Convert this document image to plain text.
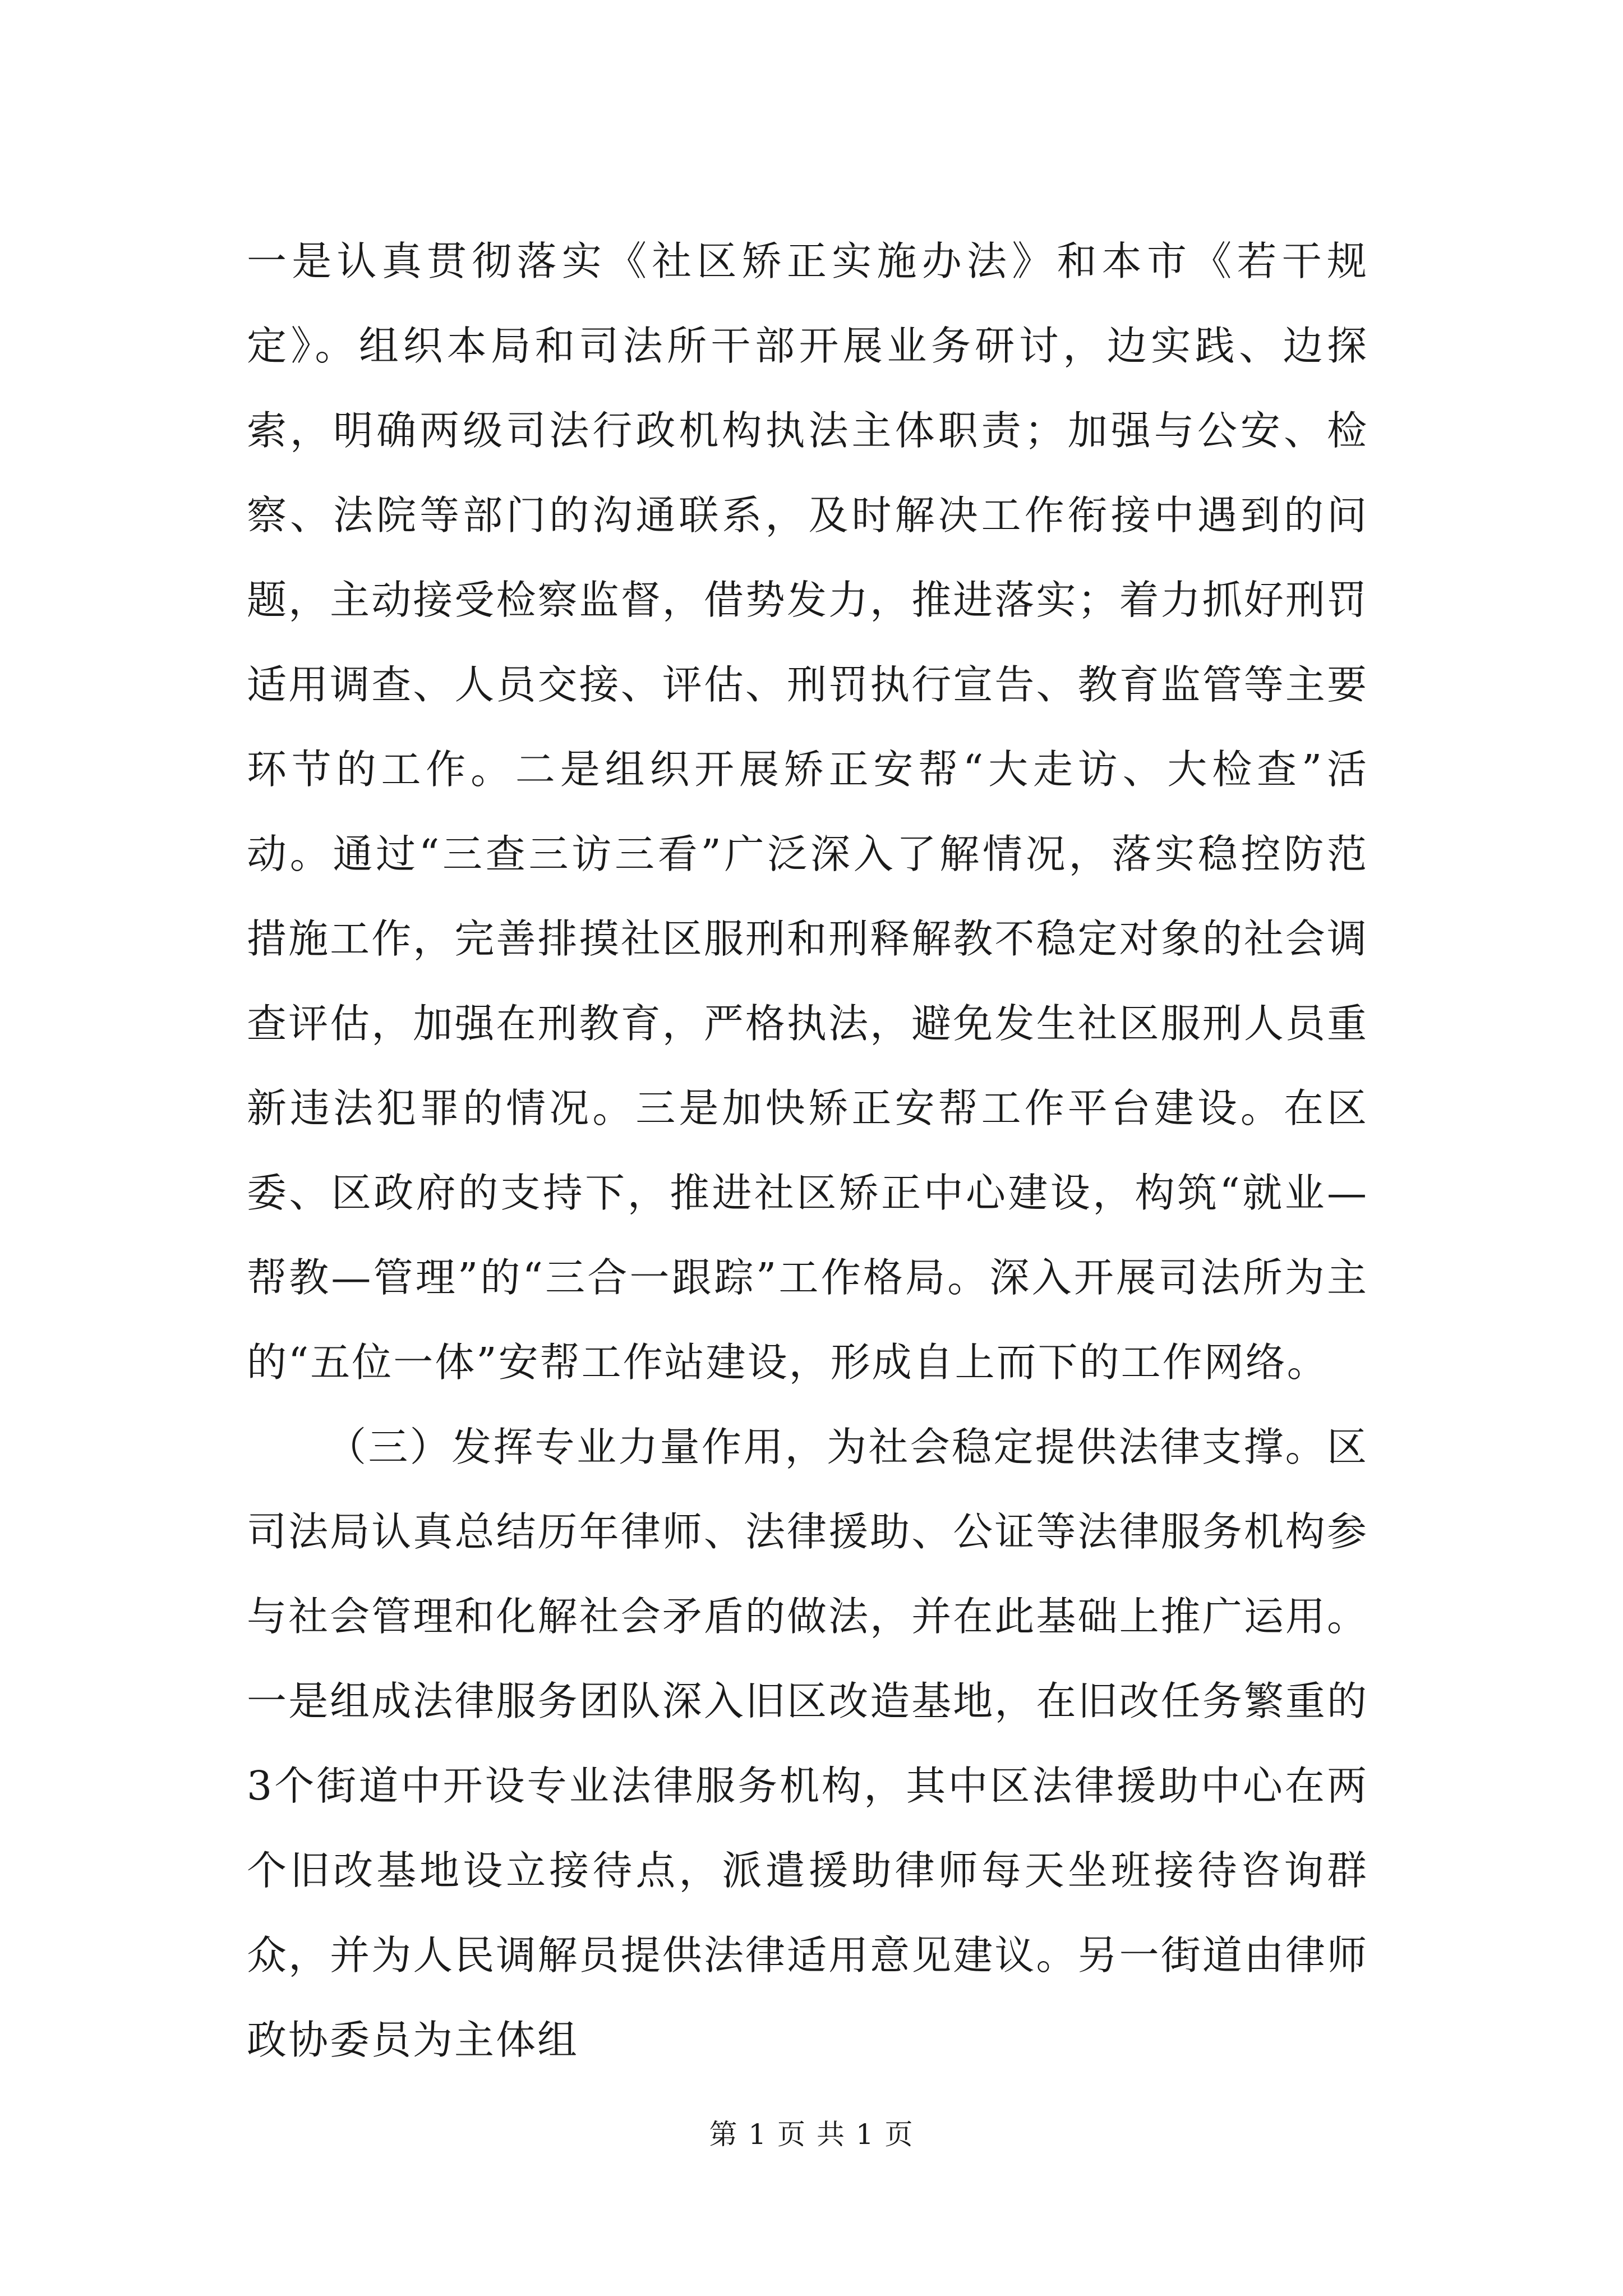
一是认真贯彻落实《社区矫正实施办法》和本市《若干规定》。组织本局和司法所干部开展业务研讨，边实践、边探索，明确两级司法行政机构执法主体职责；加强与公安、检察、法院等部门的沟通联系，及时解决工作衔接中遇到的问题，主动接受检察监督，借势发力，推进落实；着力抓好刑罚适用调查、人员交接、评估、刑罚执行宣告、教育监管等主要环节的工作。二是组织开展矫正安帮“大走访、大检查”活动。通过“三查三访三看”广泛深入了解情况，落实稳控防范措施工作，完善排摸社区服刑和刑释解教不稳定对象的社会调查评估，加强在刑教育，严格执法，避免发生社区服刑人员重新违法犯罪的情况。三是加快矫正安帮工作平台建设。在区委、区政府的支持下，推进社区矫正中心建设，构筑“就业—帮教—管理”的“三合一跟踪”工作格局。深入开展司法所为主的“五位一体”安帮工作站建设，形成自上而下的工作网络。

（三）发挥专业力量作用，为社会稳定提供法律支撑。区司法局认真总结历年律师、法律援助、公证等法律服务机构参与社会管理和化解社会矛盾的做法，并在此基础上推广运用。一是组成法律服务团队深入旧区改造基地，在旧改任务繁重的3个街道中开设专业法律服务机构，其中区法律援助中心在两个旧改基地设立接待点，派遣援助律师每天坐班接待咨询群众，并为人民调解员提供法律适用意见建议。另一街道由律师政协委员为主体组

第 1 页 共 1 页
